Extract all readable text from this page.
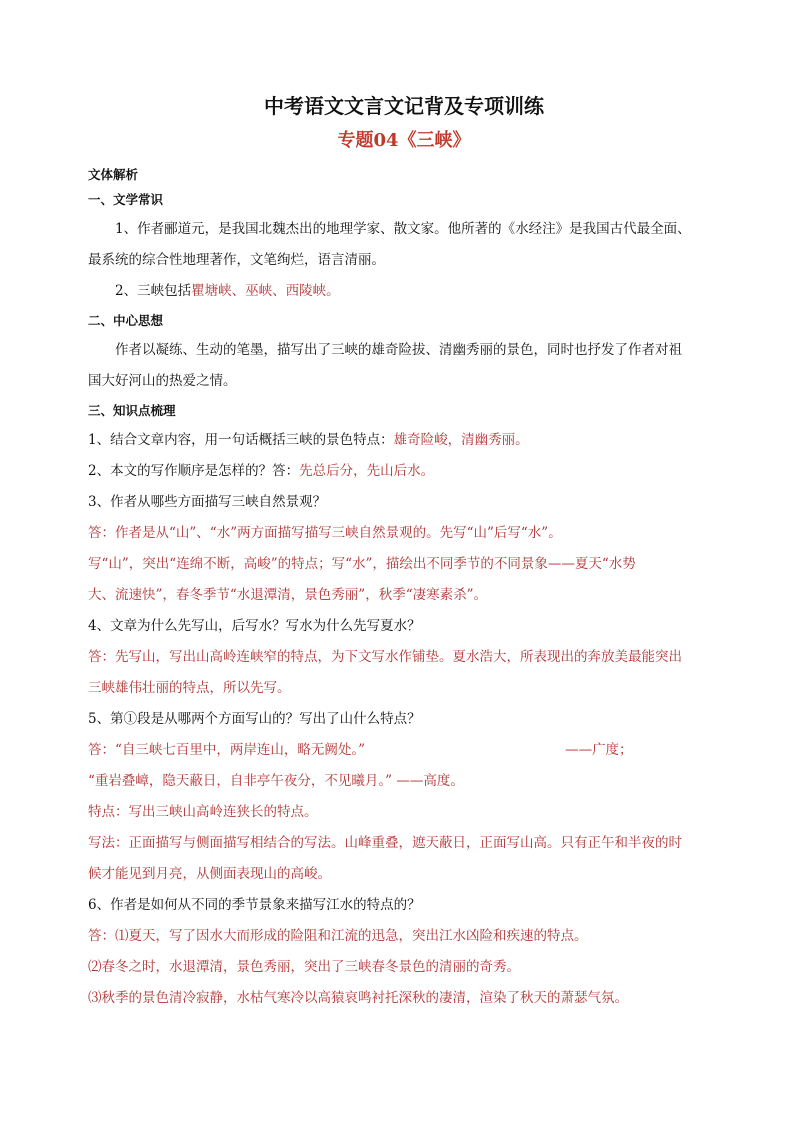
中考语文文言文记背及专项训练
专题04《三峡》
文体解析
一、文学常识
1、作者郦道元，是我国北魏杰出的地理学家、散文家。他所著的《水经注》是我国古代最全面、
最系统的综合性地理著作，文笔绚烂，语言清丽。
2、三峡包括瞿塘峡、巫峡、西陵峡。
二、中心思想
作者以凝练、生动的笔墨，描写出了三峡的雄奇险拔、清幽秀丽的景色，同时也抒发了作者对祖
国大好河山的热爱之情。
三、知识点梳理
1、结合文章内容，用一句话概括三峡的景色特点：雄奇险峻，清幽秀丽。
2、本文的写作顺序是怎样的？答：先总后分，先山后水。
3、作者从哪些方面描写三峡自然景观？
答：作者是从“山”、“水”两方面描写描写三峡自然景观的。先写“山”后写“水”。
写“山”，突出“连绵不断，高峻”的特点；写“水”，描绘出不同季节的不同景象——夏天“水势
大、流速快”，春冬季节“水退潭清，景色秀丽”，秋季“凄寒素杀”。
4、文章为什么先写山，后写水？写水为什么先写夏水？
答：先写山，写出山高岭连峡窄的特点，为下文写水作铺垫。夏水浩大，所表现出的奔放美最能突出
三峡雄伟壮丽的特点，所以先写。
5、第①段是从哪两个方面写山的？写出了山什么特点？
答：“自三峡七百里中，两岸连山，略无阙处。”	——广度；
“重岩叠嶂，隐天蔽日，自非亭午夜分，不见曦月。” ——高度。
特点：写出三峡山高岭连狭长的特点。
写法：正面描写与侧面描写相结合的写法。山峰重叠，遮天蔽日，正面写山高。只有正午和半夜的时
候才能见到月亮，从侧面表现山的高峻。
6、作者是如何从不同的季节景象来描写江水的特点的？
答：⑴夏天，写了因水大而形成的险阻和江流的迅急，突出江水凶险和疾速的特点。
⑵春冬之时，水退潭清，景色秀丽，突出了三峡春冬景色的清丽的奇秀。
⑶秋季的景色清冷寂静，水枯气寒冷以高猿哀鸣衬托深秋的凄清，渲染了秋天的萧瑟气氛。
